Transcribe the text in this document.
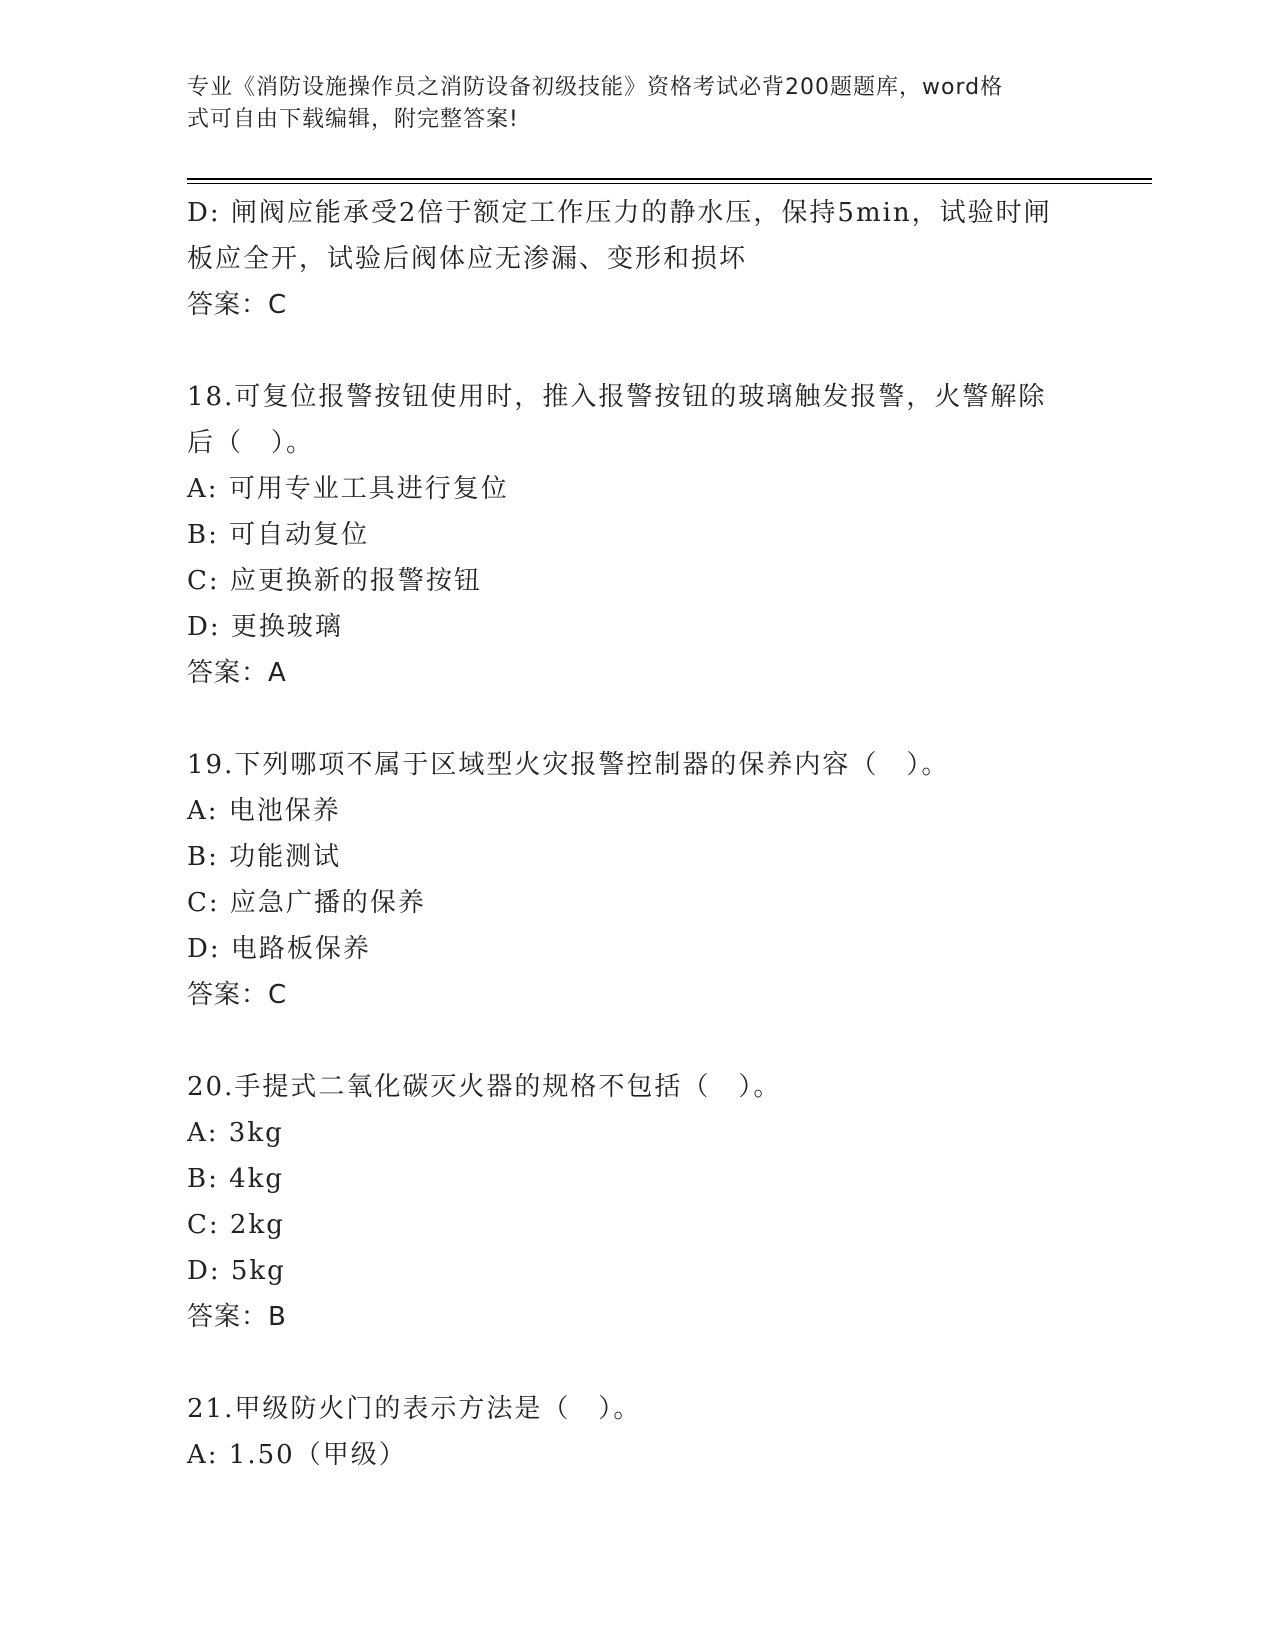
专业《消防设施操作员之消防设备初级技能》资格考试必背200题题库，word格
式可自由下载编辑，附完整答案!
D: 闸阀应能承受2倍于额定工作压力的静水压，保持5min，试验时闸
板应全开，试验后阀体应无渗漏、变形和损坏
答案：C
18.可复位报警按钮使用时，推入报警按钮的玻璃触发报警，火警解除
后（　）。
A: 可用专业工具进行复位
B: 可自动复位
C: 应更换新的报警按钮
D: 更换玻璃
答案：A
19.下列哪项不属于区域型火灾报警控制器的保养内容（　）。
A: 电池保养
B: 功能测试
C: 应急广播的保养
D: 电路板保养
答案：C
20.手提式二氧化碳灭火器的规格不包括（　）。
A: 3kg
B: 4kg
C: 2kg
D: 5kg
答案：B
21.甲级防火门的表示方法是（　）。
A: 1.50（甲级）
